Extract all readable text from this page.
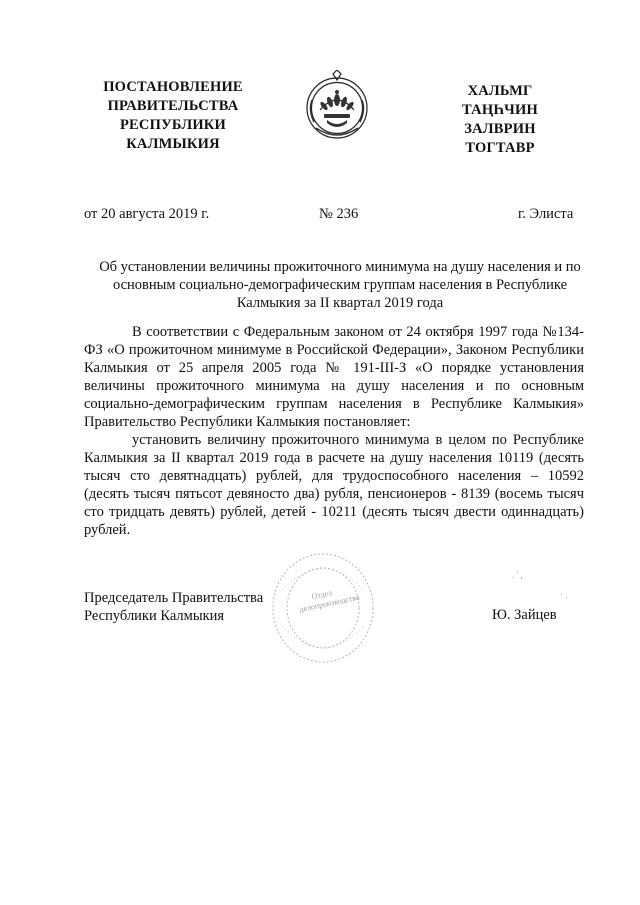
ПОСТАНОВЛЕНИЕ
ПРАВИТЕЛЬСТВА
РЕСПУБЛИКИ
КАЛМЫКИЯ
ХАЛЬМГ
ТАҢҺЧИН
ЗАЛВРИН
ТОГТАВР
от 20 августа 2019 г.	№ 236	г. Элиста
Об установлении величины прожиточного минимума на душу населения и по основным социально-демографическим группам населения в Республике Калмыкия за II квартал 2019 года

В соответствии с Федеральным законом от 24 октября 1997 года №134-ФЗ «О прожиточном минимуме в Российской Федерации», Законом Республики Калмыкия от 25 апреля 2005 года № 191-III-З «О порядке установления величины прожиточного минимума на душу населения и по основным социально-демографическим группам населения в Республике Калмыкия» Правительство Республики Калмыкия постановляет:

установить величину прожиточного минимума в целом по Республике Калмыкия за II квартал 2019 года в расчете на душу населения 10119 (десять тысяч сто девятнадцать) рублей, для трудоспособного населения – 10592 (десять тысяч пятьсот девяносто два) рубля, пенсионеров - 8139 (восемь тысяч сто тридцать девять) рублей, детей - 10211 (десять тысяч двести одиннадцать) рублей.

Отдел делопроизводства
Председатель Правительства
Республики Калмыкия	Ю. Зайцев
. ' ,
· .
